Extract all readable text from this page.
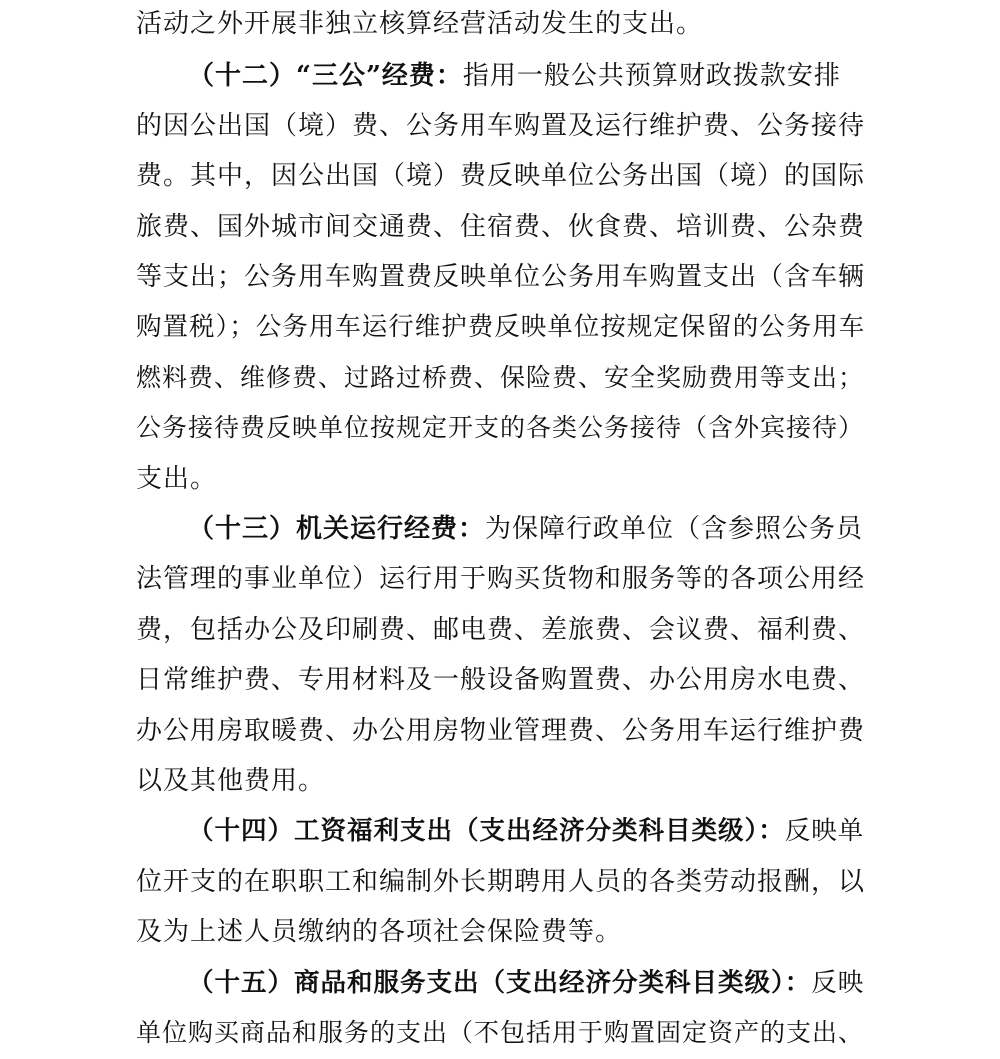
活动之外开展非独立核算经营活动发生的支出。
（十二）“三公”经费：指用一般公共预算财政拨款安排
的因公出国（境）费、公务用车购置及运行维护费、公务接待
费。其中，因公出国（境）费反映单位公务出国（境）的国际
旅费、国外城市间交通费、住宿费、伙食费、培训费、公杂费
等支出；公务用车购置费反映单位公务用车购置支出（含车辆
购置税）；公务用车运行维护费反映单位按规定保留的公务用车
燃料费、维修费、过路过桥费、保险费、安全奖励费用等支出；
公务接待费反映单位按规定开支的各类公务接待（含外宾接待）
支出。
（十三）机关运行经费：为保障行政单位（含参照公务员
法管理的事业单位）运行用于购买货物和服务等的各项公用经
费，包括办公及印刷费、邮电费、差旅费、会议费、福利费、
日常维护费、专用材料及一般设备购置费、办公用房水电费、
办公用房取暖费、办公用房物业管理费、公务用车运行维护费
以及其他费用。
（十四）工资福利支出（支出经济分类科目类级）：反映单
位开支的在职职工和编制外长期聘用人员的各类劳动报酬，以
及为上述人员缴纳的各项社会保险费等。
（十五）商品和服务支出（支出经济分类科目类级）：反映
单位购买商品和服务的支出（不包括用于购置固定资产的支出、
